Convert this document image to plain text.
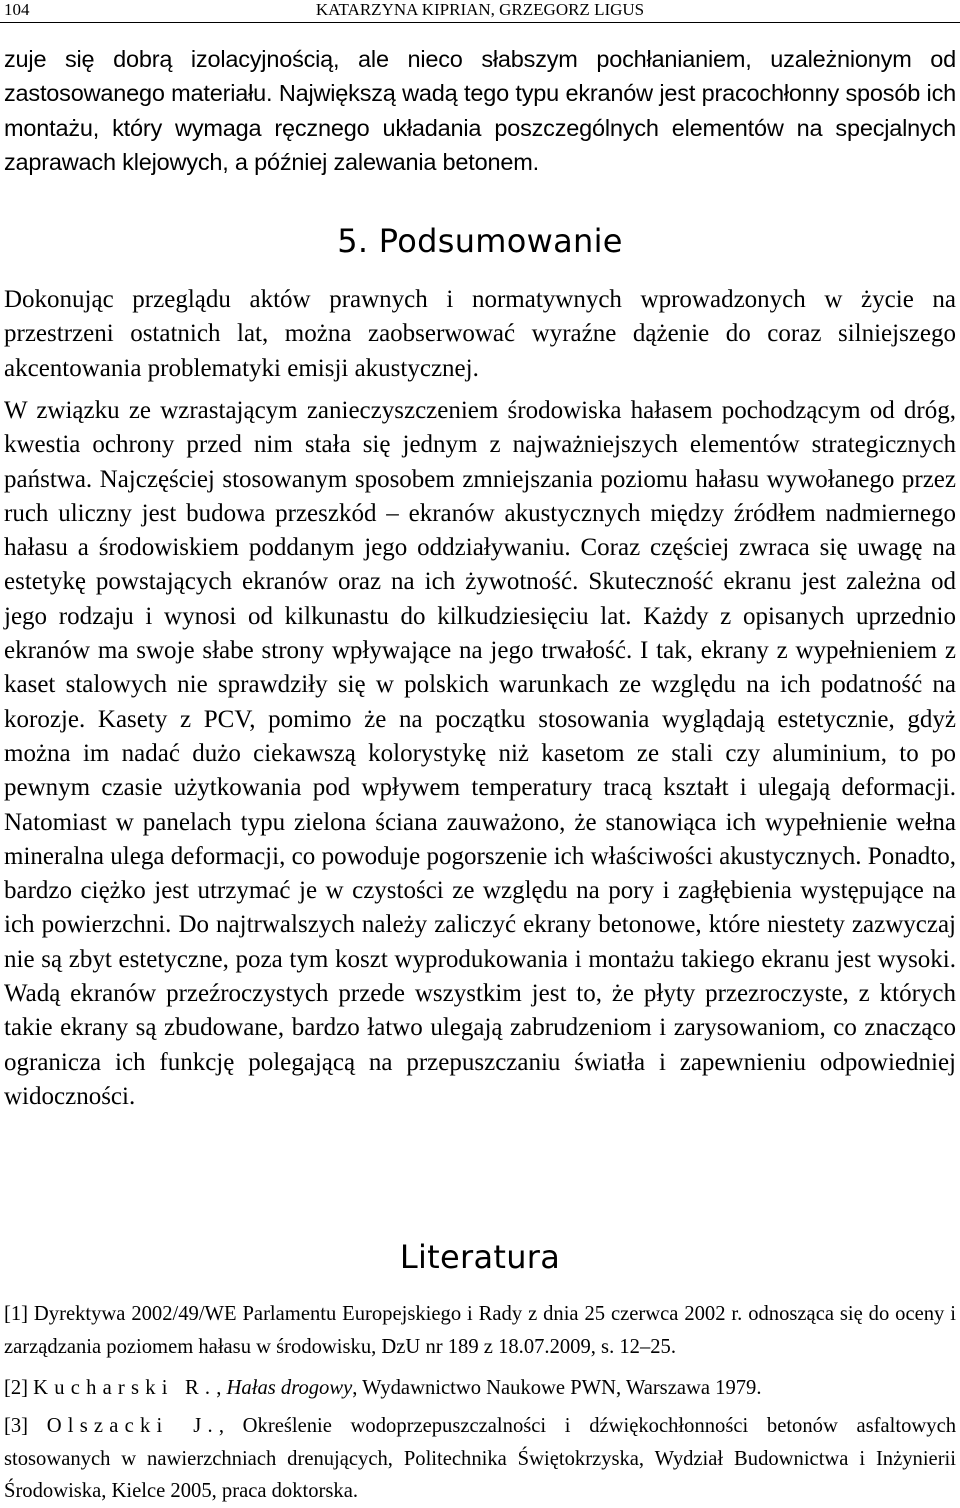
104	KATARZYNA KIPRIAN, GRZEGORZ LIGUS

zuje się dobrą izolacyjnością, ale nieco słabszym pochłanianiem, uzależnionym od zastosowanego materiału. Największą wadą tego typu ekranów jest pracochłonny sposób ich montażu, który wymaga ręcznego układania poszczególnych elementów na specjalnych zaprawach klejowych, a później zalewania betonem.

5. Podsumowanie

Dokonując przeglądu aktów prawnych i normatywnych wprowadzonych w życie na przestrzeni ostatnich lat, można zaobserwować wyraźne dążenie do coraz silniejszego akcentowania problematyki emisji akustycznej.

W związku ze wzrastającym zanieczyszczeniem środowiska hałasem pochodzącym od dróg, kwestia ochrony przed nim stała się jednym z najważniejszych elementów strategicznych państwa. Najczęściej stosowanym sposobem zmniejszania poziomu hałasu wywołanego przez ruch uliczny jest budowa przeszkód – ekranów akustycznych między źródłem nadmiernego hałasu a środowiskiem poddanym jego oddziaływaniu. Coraz częściej zwraca się uwagę na estetykę powstających ekranów oraz na ich żywotność. Skuteczność ekranu jest zależna od jego rodzaju i wynosi od kilkunastu do kilkudziesięciu lat. Każdy z opisanych uprzednio ekranów ma swoje słabe strony wpływające na jego trwałość. I tak, ekrany z wypełnieniem z kaset stalowych nie sprawdziły się w polskich warunkach ze względu na ich podatność na korozje. Kasety z PCV, pomimo że na początku stosowania wyglądają estetycznie, gdyż można im nadać dużo ciekawszą kolorystykę niż kasetom ze stali czy aluminium, to po pewnym czasie użytkowania pod wpływem temperatury tracą kształt i ulegają deformacji. Natomiast w panelach typu zielona ściana zauważono, że stanowiąca ich wypełnienie wełna mineralna ulega deformacji, co powoduje pogorszenie ich właściwości akustycznych. Ponadto, bardzo ciężko jest utrzymać je w czystości ze względu na pory i zagłębienia występujące na ich powierzchni. Do najtrwalszych należy zaliczyć ekrany betonowe, które niestety zazwyczaj nie są zbyt estetyczne, poza tym koszt wyprodukowania i montażu takiego ekranu jest wysoki. Wadą ekranów przeźroczystych przede wszystkim jest to, że płyty przezroczyste, z których takie ekrany są zbudowane, bardzo łatwo ulegają zabrudzeniom i zarysowaniom, co znacząco ogranicza ich funkcję polegającą na przepuszczaniu światła i zapewnieniu odpowiedniej widoczności.

Literatura

[1] Dyrektywa 2002/49/WE Parlamentu Europejskiego i Rady z dnia 25 czerwca 2002 r. odnosząca się do oceny i zarządzania poziomem hałasu w środowisku, DzU nr 189 z 18.07.2009, s. 12–25.

[2] Kucharski R., Hałas drogowy, Wydawnictwo Naukowe PWN, Warszawa 1979.

[3] Olszacki J., Określenie wodoprzepuszczalności i dźwiękochłonności betonów asfaltowych stosowanych w nawierzchniach drenujących, Politechnika Świętokrzyska, Wydział Budownictwa i Inżynierii Środowiska, Kielce 2005, praca doktorska.
